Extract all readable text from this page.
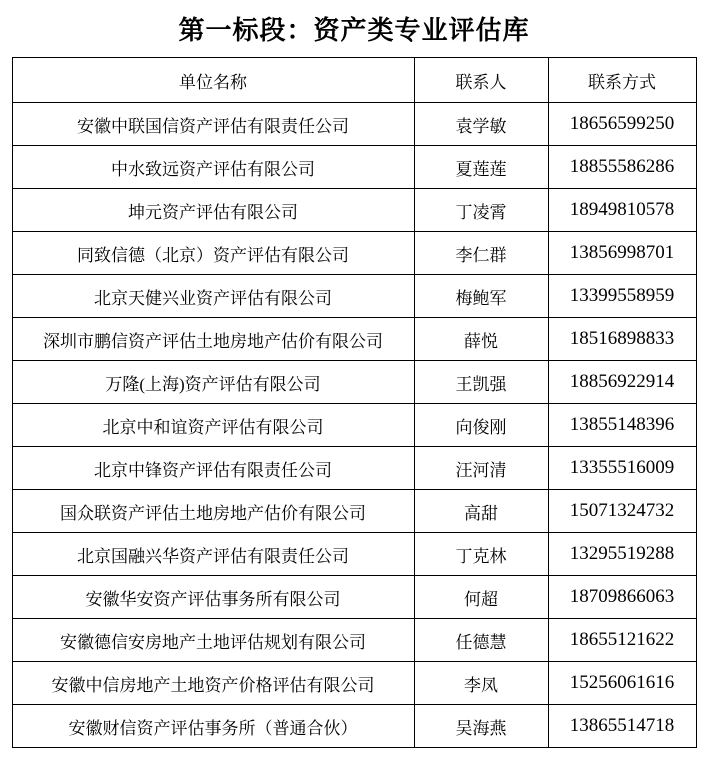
第一标段：资产类专业评估库
单位名称	联系人	联系方式
安徽中联国信资产评估有限责任公司	袁学敏	18656599250
中水致远资产评估有限公司	夏莲莲	18855586286
坤元资产评估有限公司	丁凌霄	18949810578
同致信德（北京）资产评估有限公司	李仁群	13856998701
北京天健兴业资产评估有限公司	梅鲍军	13399558959
深圳市鹏信资产评估土地房地产估价有限公司	薛悦	18516898833
万隆(上海)资产评估有限公司	王凯强	18856922914
北京中和谊资产评估有限公司	向俊刚	13855148396
北京中锋资产评估有限责任公司	汪河清	13355516009
国众联资产评估土地房地产估价有限公司	高甜	15071324732
北京国融兴华资产评估有限责任公司	丁克林	13295519288
安徽华安资产评估事务所有限公司	何超	18709866063
安徽德信安房地产土地评估规划有限公司	任德慧	18655121622
安徽中信房地产土地资产价格评估有限公司	李凤	15256061616
安徽财信资产评估事务所（普通合伙）	吴海燕	13865514718
